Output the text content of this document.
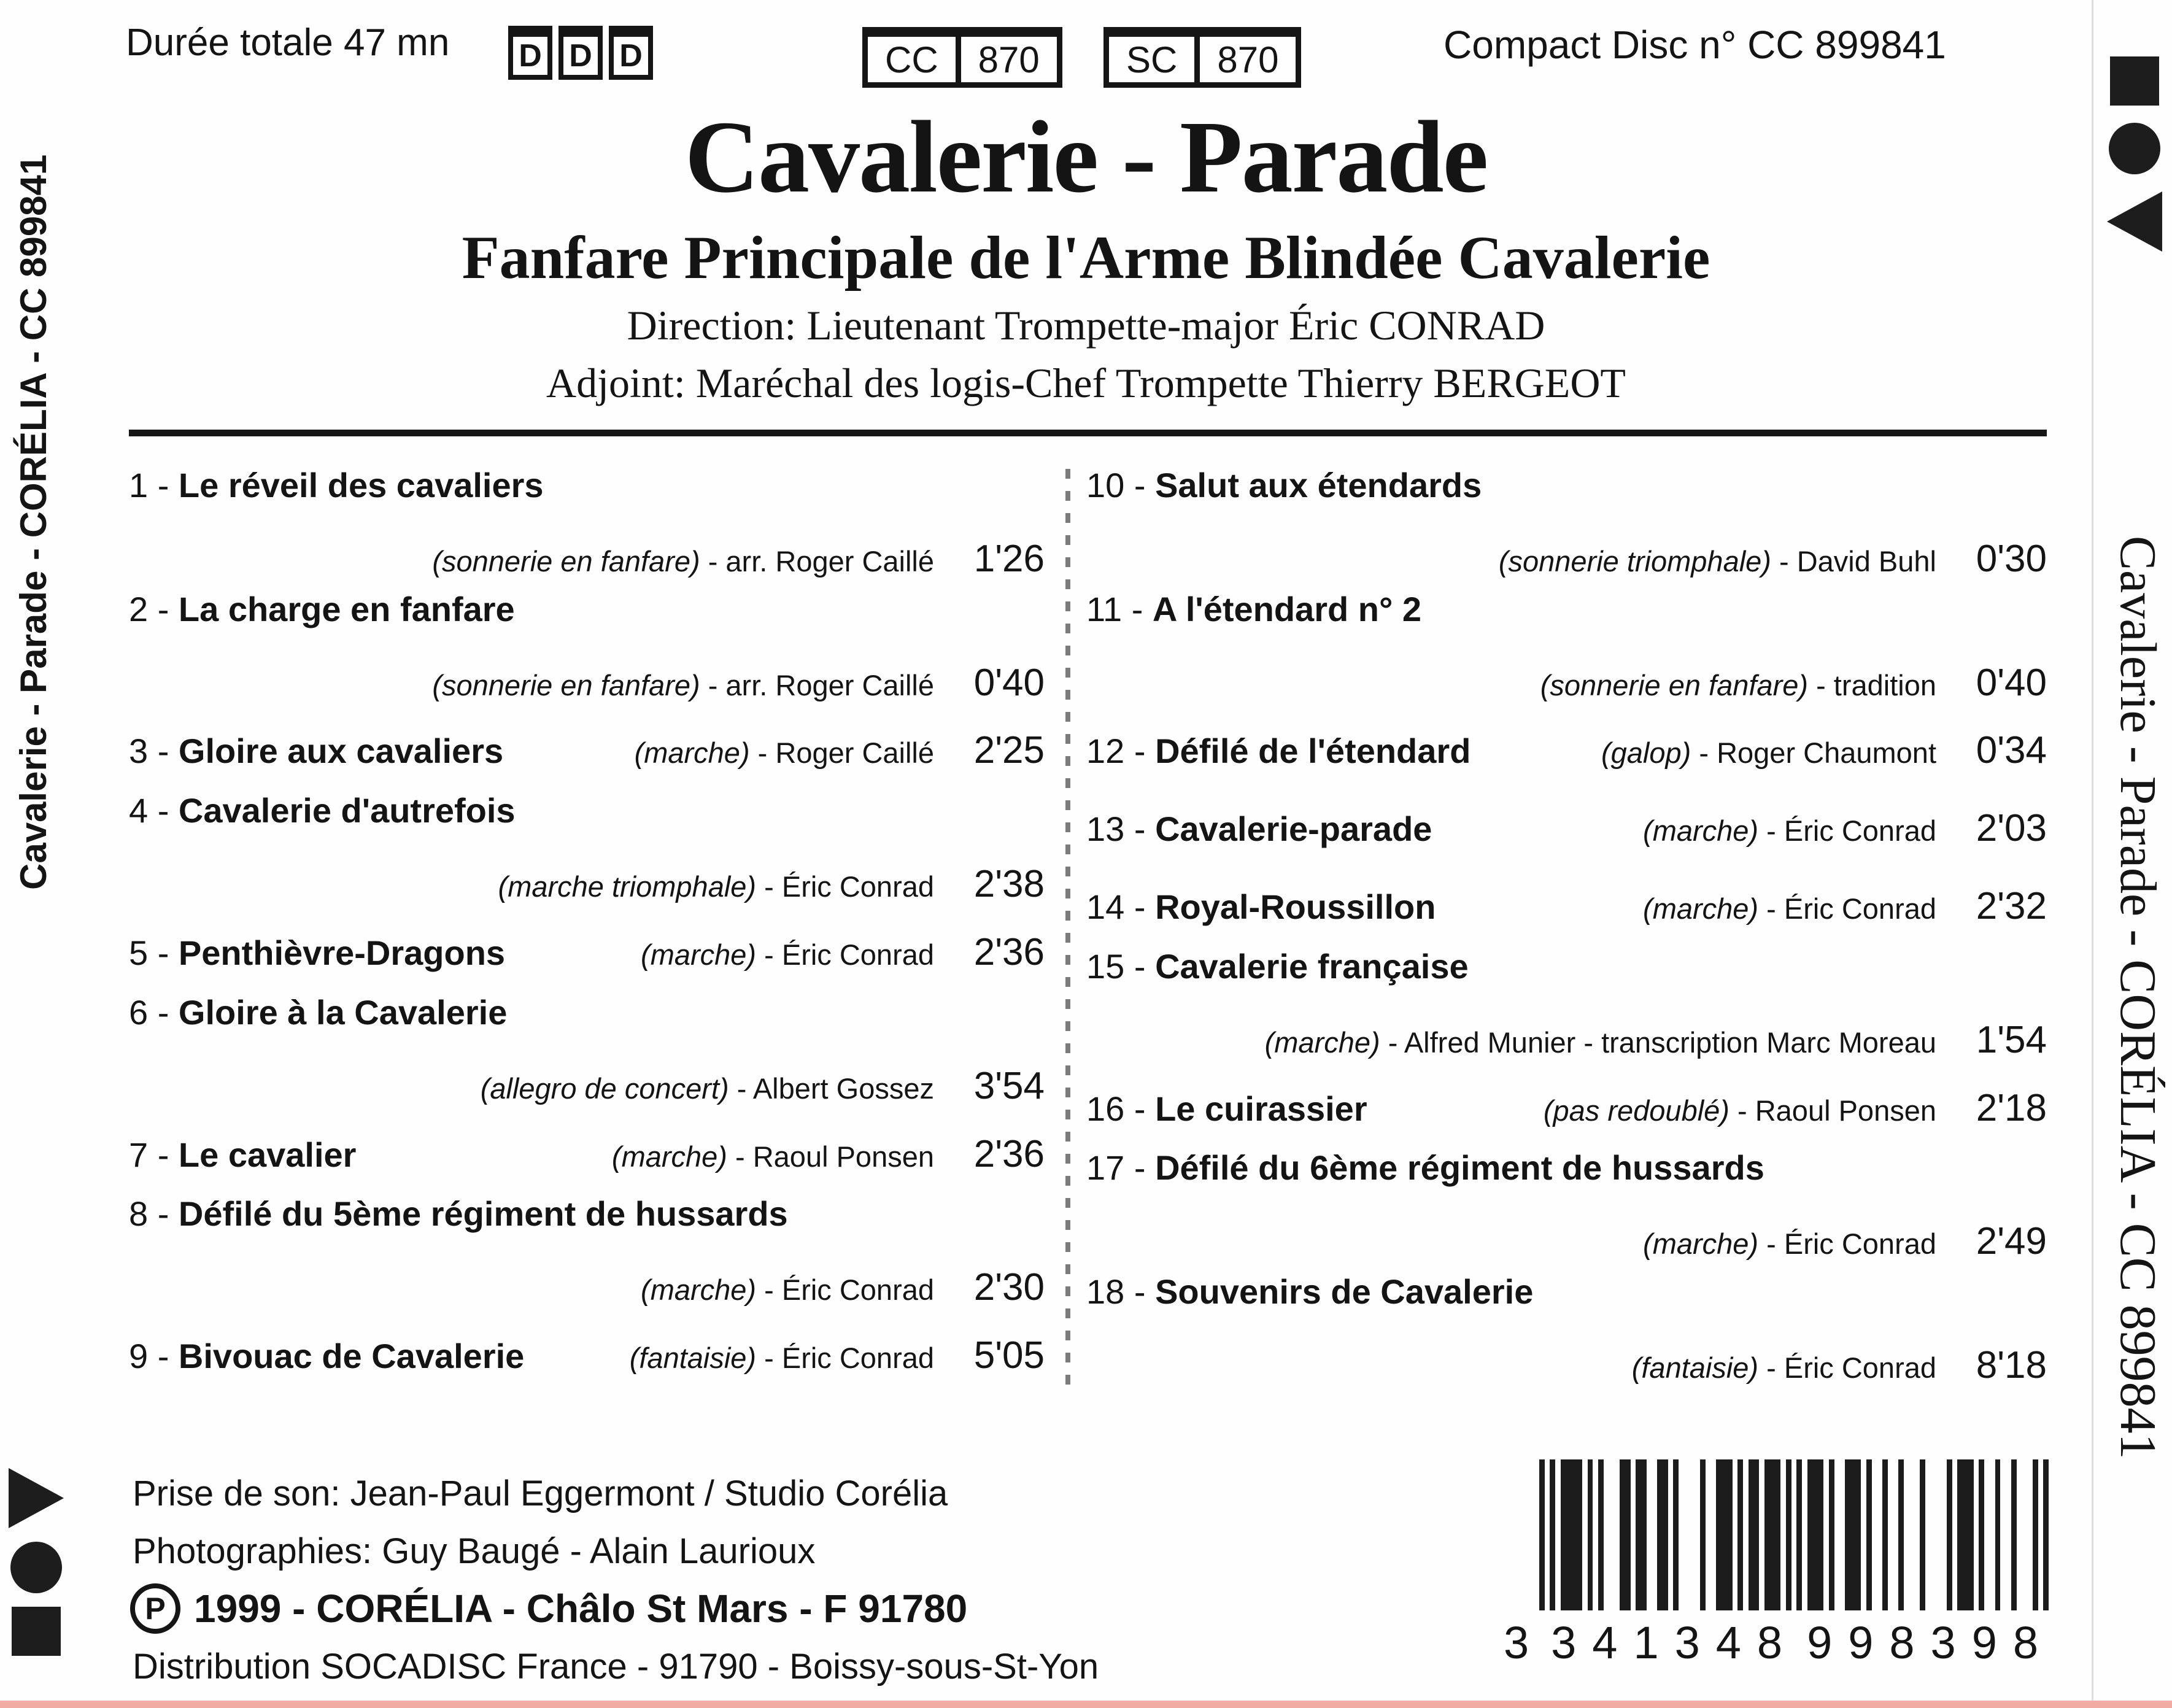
Durée totale 47 mn D D D	CC	870	SC	870	Compact Disc n° CC 899841
Cavalerie - Parade
Fanfare Principale de l'Arme Blindée Cavalerie
Direction: Lieutenant Trompette-major Éric CONRAD
Adjoint: Maréchal des logis-Chef Trompette Thierry BERGEOT
1 - Le réveil des cavaliers
(sonnerie en fanfare) - arr. Roger Caillé	1'26
2 - La charge en fanfare
(sonnerie en fanfare) - arr. Roger Caillé	0'40
3 - Gloire aux cavaliers	(marche) - Roger Caillé	2'25
4 - Cavalerie d'autrefois
(marche triomphale) - Éric Conrad	2'38
5 - Penthièvre-Dragons	(marche) - Éric Conrad	2'36
6 - Gloire à la Cavalerie
(allegro de concert) - Albert Gossez	3'54
7 - Le cavalier	(marche) - Raoul Ponsen	2'36
8 - Défilé du 5ème régiment de hussards
(marche) - Éric Conrad	2'30
9 - Bivouac de Cavalerie	(fantaisie) - Éric Conrad	5'05
10 - Salut aux étendards
(sonnerie triomphale) - David Buhl	0'30
11 - A l'étendard n° 2
(sonnerie en fanfare) - tradition	0'40
12 - Défilé de l'étendard	(galop) - Roger Chaumont	0'34
13 - Cavalerie-parade	(marche) - Éric Conrad	2'03
14 - Royal-Roussillon	(marche) - Éric Conrad	2'32
15 - Cavalerie française
(marche) - Alfred Munier - transcription Marc Moreau	1'54
16 - Le cuirassier	(pas redoublé) - Raoul Ponsen	2'18
17 - Défilé du 6ème régiment de hussards
(marche) - Éric Conrad	2'49
18 - Souvenirs de Cavalerie
(fantaisie) - Éric Conrad	8'18
Prise de son: Jean-Paul Eggermont / Studio Corélia
Photographies: Guy Baugé - Alain Laurioux
P 1999 - CORÉLIA - Châlo St Mars - F 91780
Distribution SOCADISC France - 91790 - Boissy-sous-St-Yon	3 341348 998398
Cavalerie - Parade - CORÉLIA - CC 899841
Cavalerie - Parade - CORÉLIA - CC 899841
